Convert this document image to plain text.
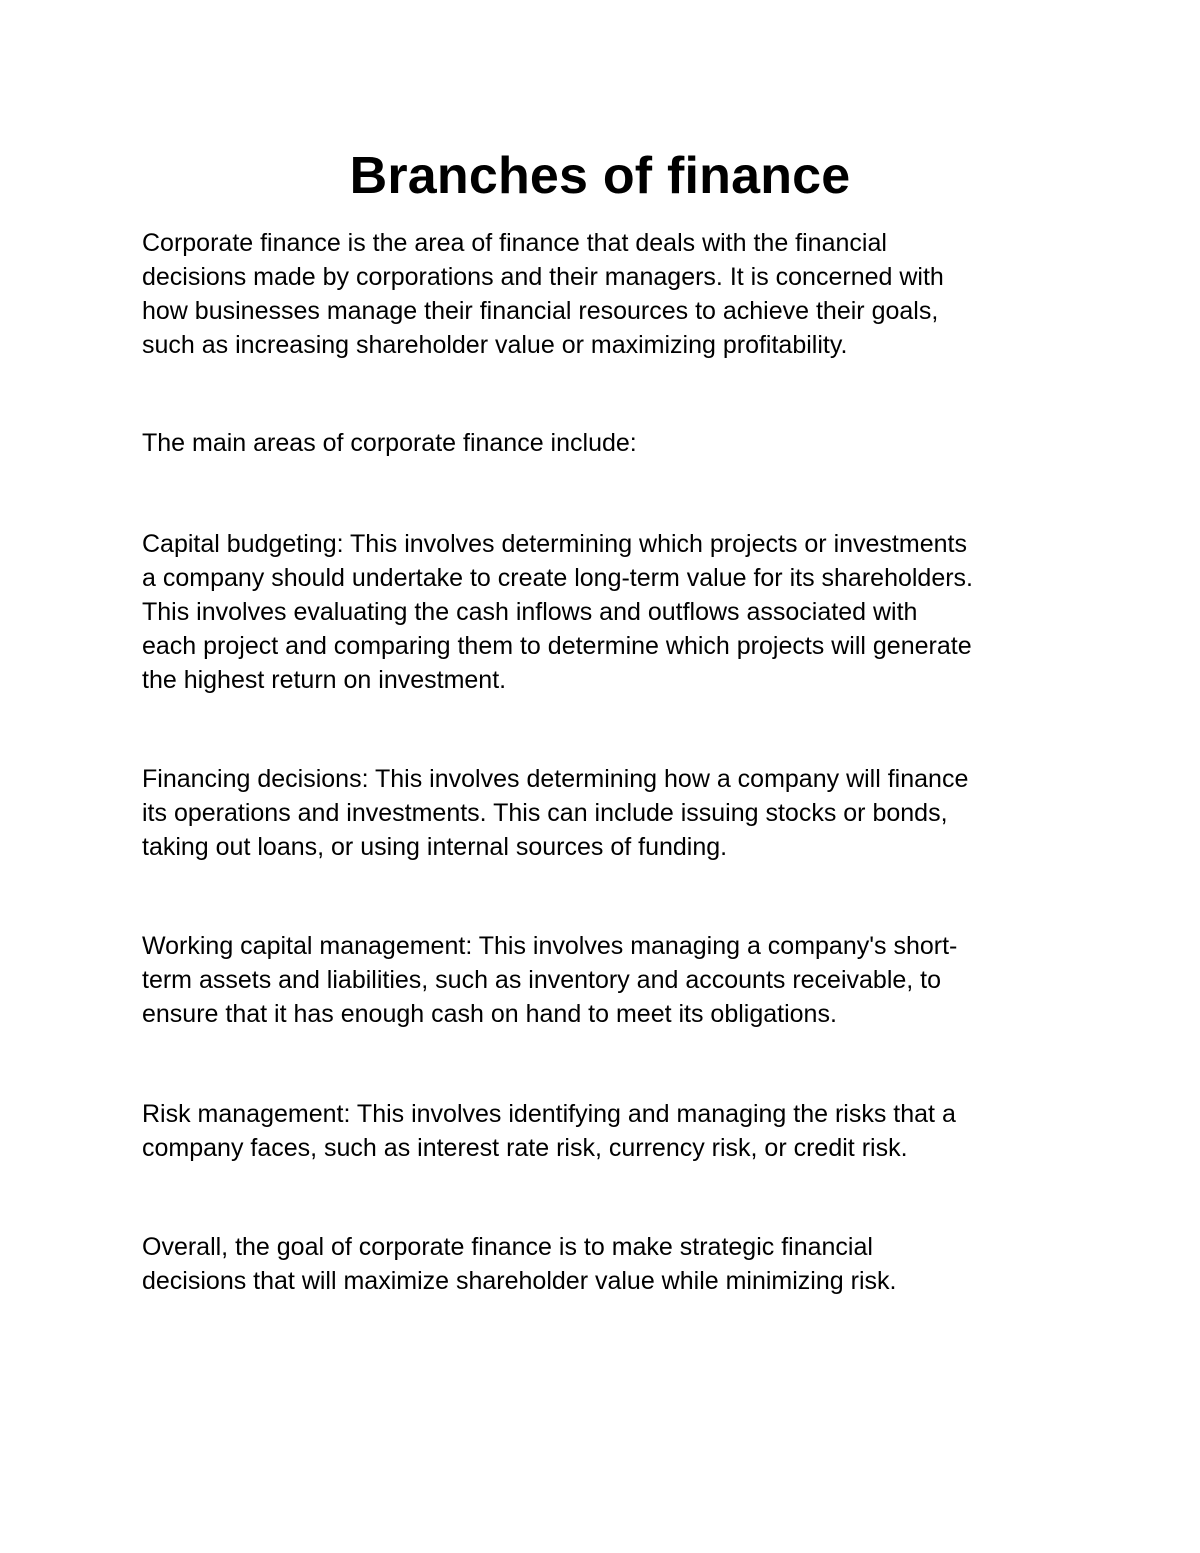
Branches of finance

Corporate finance is the area of finance that deals with the financial
decisions made by corporations and their managers. It is concerned with
how businesses manage their financial resources to achieve their goals,
such as increasing shareholder value or maximizing profitability.

The main areas of corporate finance include:

Capital budgeting: This involves determining which projects or investments
a company should undertake to create long-term value for its shareholders.
This involves evaluating the cash inflows and outflows associated with
each project and comparing them to determine which projects will generate
the highest return on investment.

Financing decisions: This involves determining how a company will finance
its operations and investments. This can include issuing stocks or bonds,
taking out loans, or using internal sources of funding.

Working capital management: This involves managing a company's short-
term assets and liabilities, such as inventory and accounts receivable, to
ensure that it has enough cash on hand to meet its obligations.

Risk management: This involves identifying and managing the risks that a
company faces, such as interest rate risk, currency risk, or credit risk.

Overall, the goal of corporate finance is to make strategic financial
decisions that will maximize shareholder value while minimizing risk.
